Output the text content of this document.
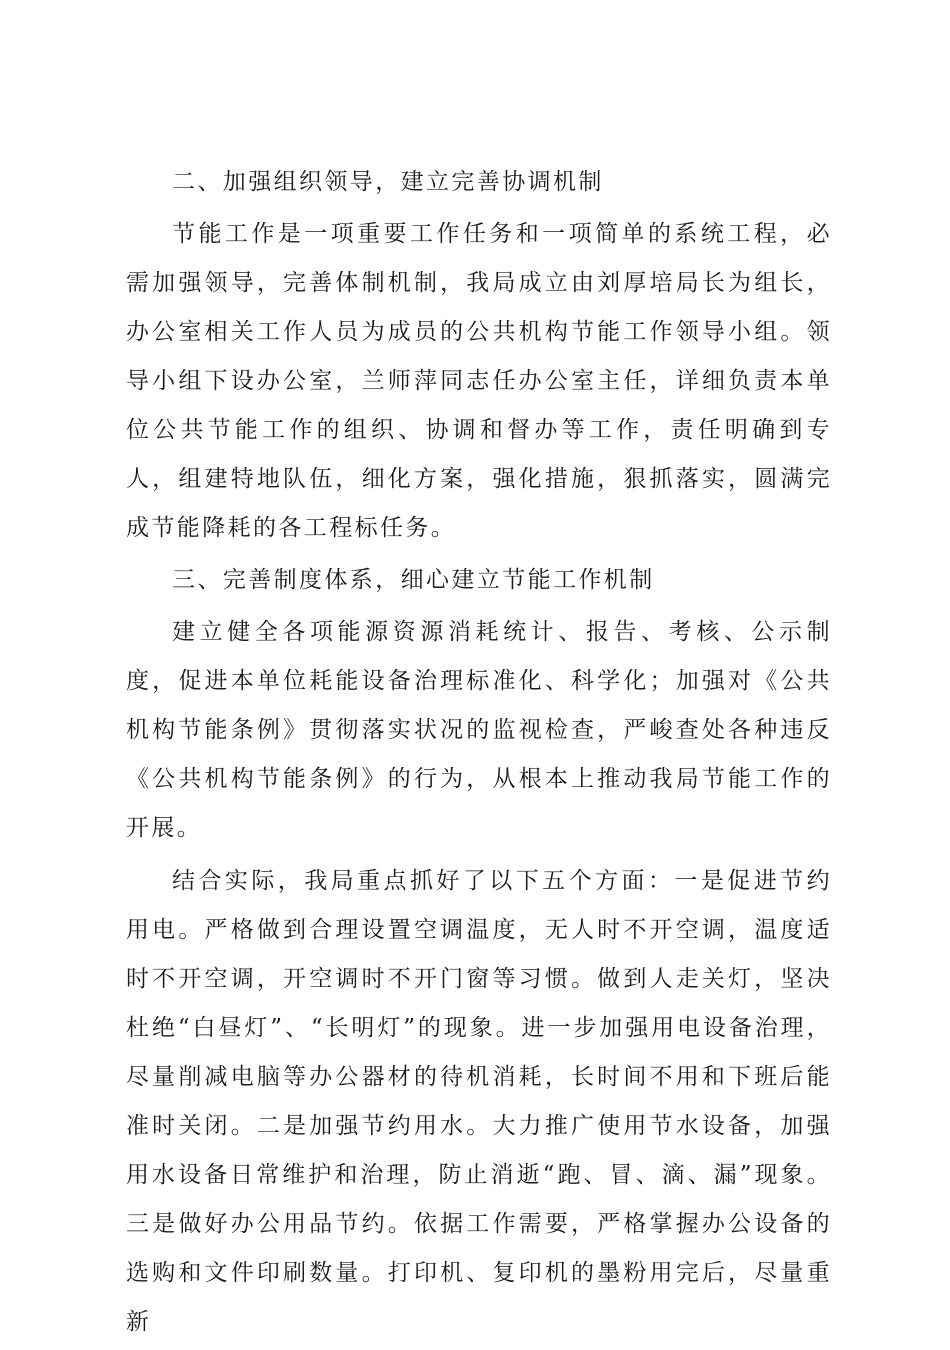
二、加强组织领导，建立完善协调机制

节能工作是一项重要工作任务和一项简单的系统工程，必需加强领导，完善体制机制，我局成立由刘厚培局长为组长，办公室相关工作人员为成员的公共机构节能工作领导小组。领导小组下设办公室，兰师萍同志任办公室主任，详细负责本单位公共节能工作的组织、协调和督办等工作，责任明确到专人，组建特地队伍，细化方案，强化措施，狠抓落实，圆满完成节能降耗的各工程标任务。

三、完善制度体系，细心建立节能工作机制

建立健全各项能源资源消耗统计、报告、考核、公示制度，促进本单位耗能设备治理标准化、科学化；加强对《公共机构节能条例》贯彻落实状况的监视检查，严峻查处各种违反《公共机构节能条例》的行为，从根本上推动我局节能工作的开展。

结合实际，我局重点抓好了以下五个方面：一是促进节约用电。严格做到合理设置空调温度，无人时不开空调，温度适时不开空调，开空调时不开门窗等习惯。做到人走关灯，坚决杜绝“白昼灯”、“长明灯”的现象。进一步加强用电设备治理，尽量削减电脑等办公器材的待机消耗，长时间不用和下班后能准时关闭。二是加强节约用水。大力推广使用节水设备，加强用水设备日常维护和治理，防止消逝“跑、冒、滴、漏”现象。三是做好办公用品节约。依据工作需要，严格掌握办公设备的选购和文件印刷数量。打印机、复印机的墨粉用完后，尽量重新
